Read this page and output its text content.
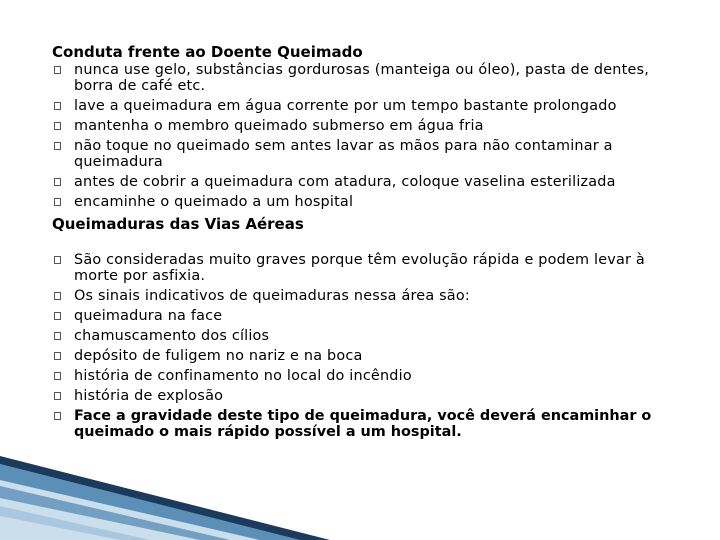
Conduta frente ao Doente Queimado
nunca use gelo, substâncias gordurosas (manteiga ou óleo), pasta de dentes, borra de café etc.
lave a queimadura em água corrente por um tempo bastante prolongado
mantenha o membro queimado submerso em água fria
não toque no queimado sem antes lavar as mãos para não contaminar a queimadura
antes de cobrir a queimadura com atadura, coloque vaselina esterilizada
encaminhe o queimado a um hospital
Queimaduras das Vias Aéreas
São consideradas muito graves porque têm evolução rápida e podem levar à morte por asfixia.
Os sinais indicativos de queimaduras nessa área são:
queimadura na face
chamuscamento dos cílios
depósito de fuligem no nariz e na boca
história de confinamento no local do incêndio
história de explosão
Face a gravidade deste tipo de queimadura, você deverá encaminhar o queimado o mais rápido possível a um hospital.
